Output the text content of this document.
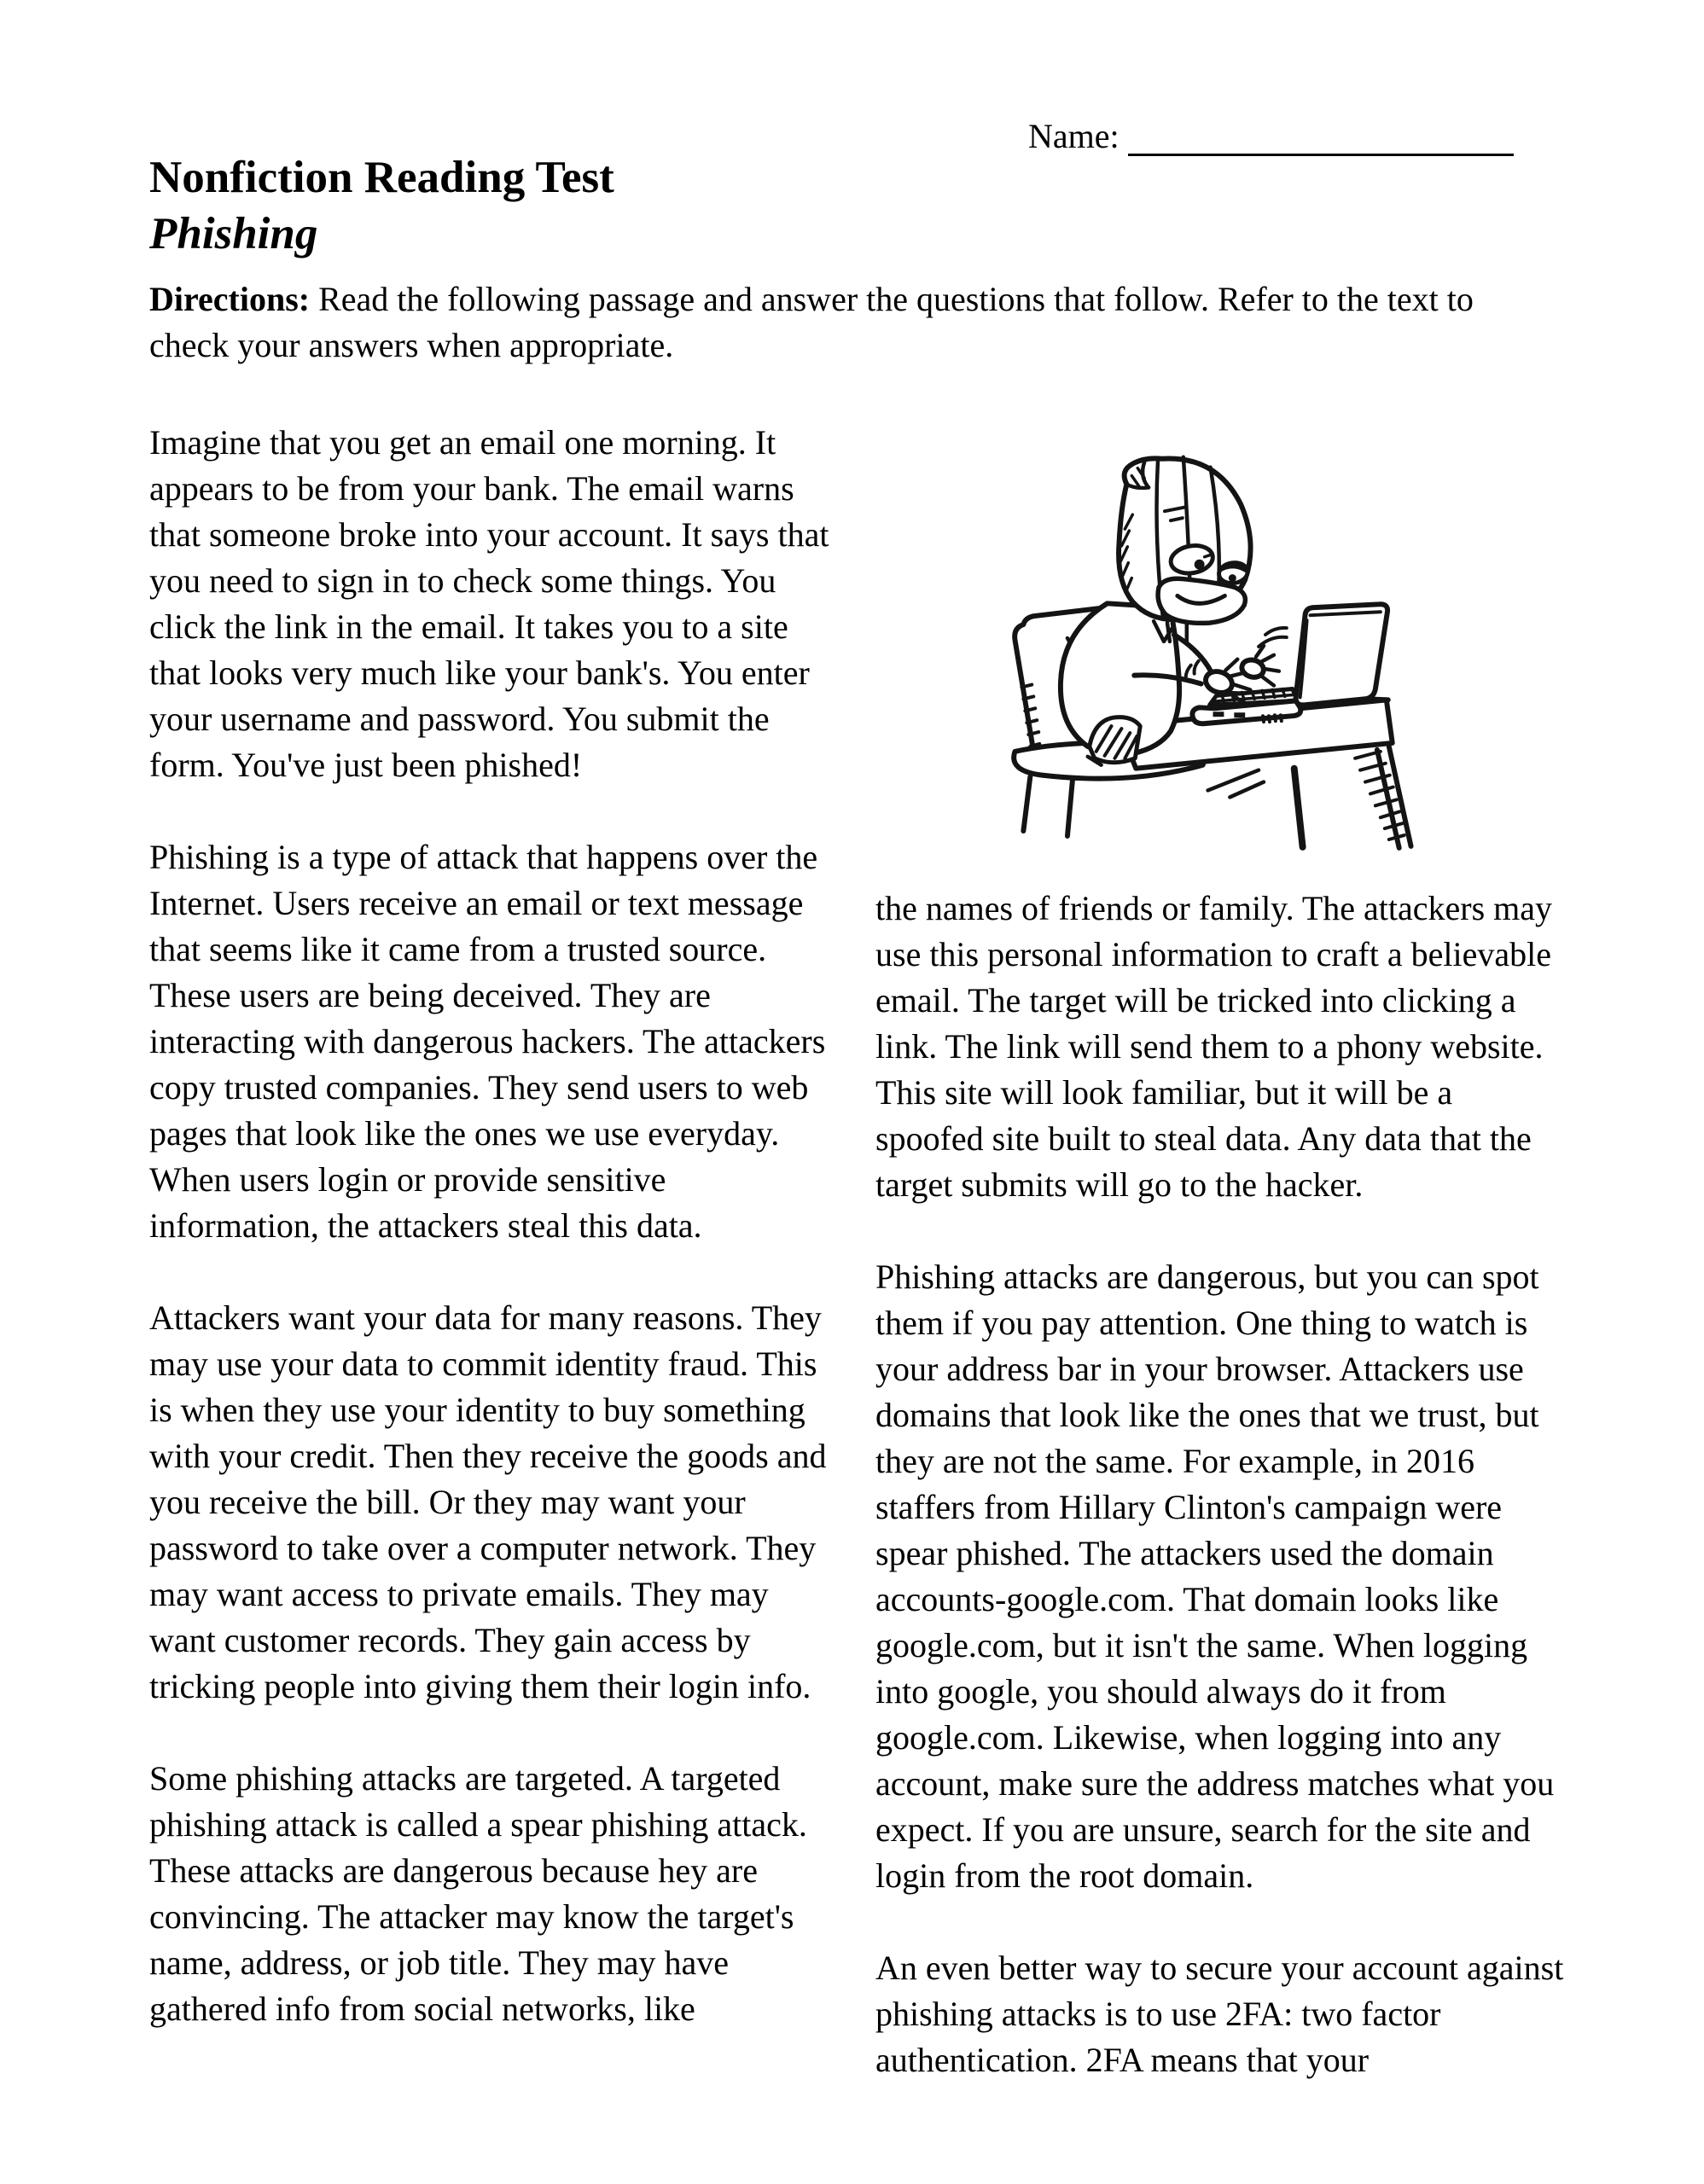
Name:
Nonfiction Reading Test
Phishing

Directions: Read the following passage and answer the questions that follow. Refer to the text to check your answers when appropriate.

Imagine that you get an email one morning. It appears to be from your bank. The email warns that someone broke into your account. It says that you need to sign in to check some things. You click the link in the email. It takes you to a site that looks very much like your bank's. You enter your username and password. You submit the form. You've just been phished!

Phishing is a type of attack that happens over the Internet. Users receive an email or text message that seems like it came from a trusted source. These users are being deceived. They are interacting with dangerous hackers. The attackers copy trusted companies. They send users to web pages that look like the ones we use everyday. When users login or provide sensitive information, the attackers steal this data.

Attackers want your data for many reasons. They may use your data to commit identity fraud. This is when they use your identity to buy something with your credit. Then they receive the goods and you receive the bill. Or they may want your password to take over a computer network. They may want access to private emails. They may want customer records. They gain access by tricking people into giving them their login info.

Some phishing attacks are targeted. A targeted phishing attack is called a spear phishing attack. These attacks are dangerous because hey are convincing. The attacker may know the target's name, address, or job title. They may have gathered info from social networks, like

the names of friends or family. The attackers may use this personal information to craft a believable email. The target will be tricked into clicking a link. The link will send them to a phony website. This site will look familiar, but it will be a spoofed site built to steal data. Any data that the target submits will go to the hacker.

Phishing attacks are dangerous, but you can spot them if you pay attention. One thing to watch is your address bar in your browser. Attackers use domains that look like the ones that we trust, but they are not the same. For example, in 2016 staffers from Hillary Clinton's campaign were spear phished. The attackers used the domain accounts-google.com. That domain looks like google.com, but it isn't the same. When logging into google, you should always do it from google.com. Likewise, when logging into any account, make sure the address matches what you expect. If you are unsure, search for the site and login from the root domain.

An even better way to secure your account against phishing attacks is to use 2FA: two factor authentication. 2FA means that your
